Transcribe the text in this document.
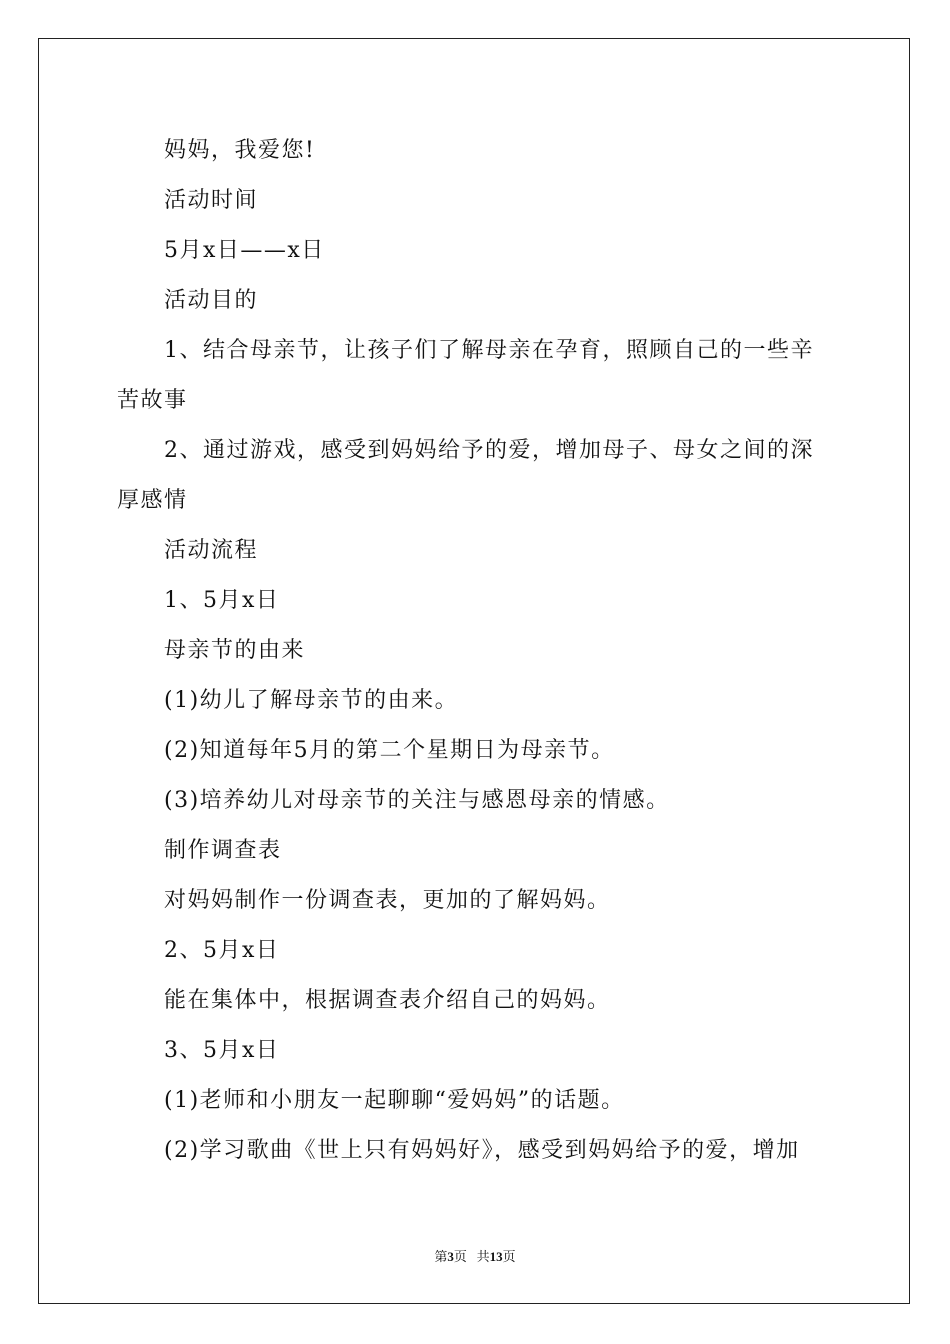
妈妈，我爱您!
活动时间
5月x日——x日
活动目的
1、结合母亲节，让孩子们了解母亲在孕育，照顾自己的一些辛
苦故事
2、通过游戏，感受到妈妈给予的爱，增加母子、母女之间的深
厚感情
活动流程
1、5月x日
母亲节的由来
(1)幼儿了解母亲节的由来。
(2)知道每年5月的第二个星期日为母亲节。
(3)培养幼儿对母亲节的关注与感恩母亲的情感。
制作调查表
对妈妈制作一份调查表，更加的了解妈妈。
2、5月x日
能在集体中，根据调查表介绍自己的妈妈。
3、5月x日
(1)老师和小朋友一起聊聊“爱妈妈”的话题。
(2)学习歌曲《世上只有妈妈好》，感受到妈妈给予的爱，增加
第3页 共13页
